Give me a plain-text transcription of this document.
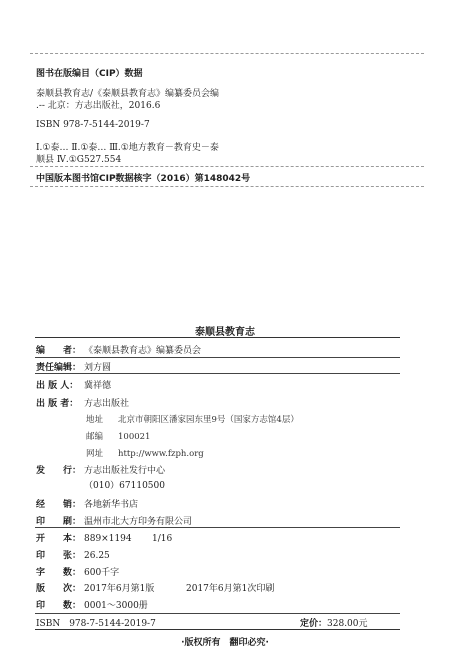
图书在版编目（CIP）数据
泰顺县教育志/《泰顺县教育志》编纂委员会编
.-- 北京：方志出版社，2016.6
ISBN 978-7-5144-2019-7
Ⅰ.①泰… Ⅱ.①泰… Ⅲ.①地方教育－教育史－泰
顺县 Ⅳ.①G527.554
中国版本图书馆CIP数据核字（2016）第148042号
泰顺县教育志
编　　者： 《泰顺县教育志》编纂委员会
责任编辑： 刘方圆
出 版 人： 冀祥德
出 版 者： 方志出版社
地址 北京市朝阳区潘家园东里9号（国家方志馆4层）
邮编 100021
网址 http://www.fzph.org
发　　行： 方志出版社发行中心
（010）67110500
经　　销： 各地新华书店
印　　刷： 温州市北大方印务有限公司
开　　本： 889×1194 1/16
印　　张： 26.25
字　　数： 600千字
版　　次： 2017年6月第1版	2017年6月第1次印刷
印　　数： 0001～3000册
ISBN　978-7-5144-2019-7	定价：328.00元
·版权所有　翻印必究·
